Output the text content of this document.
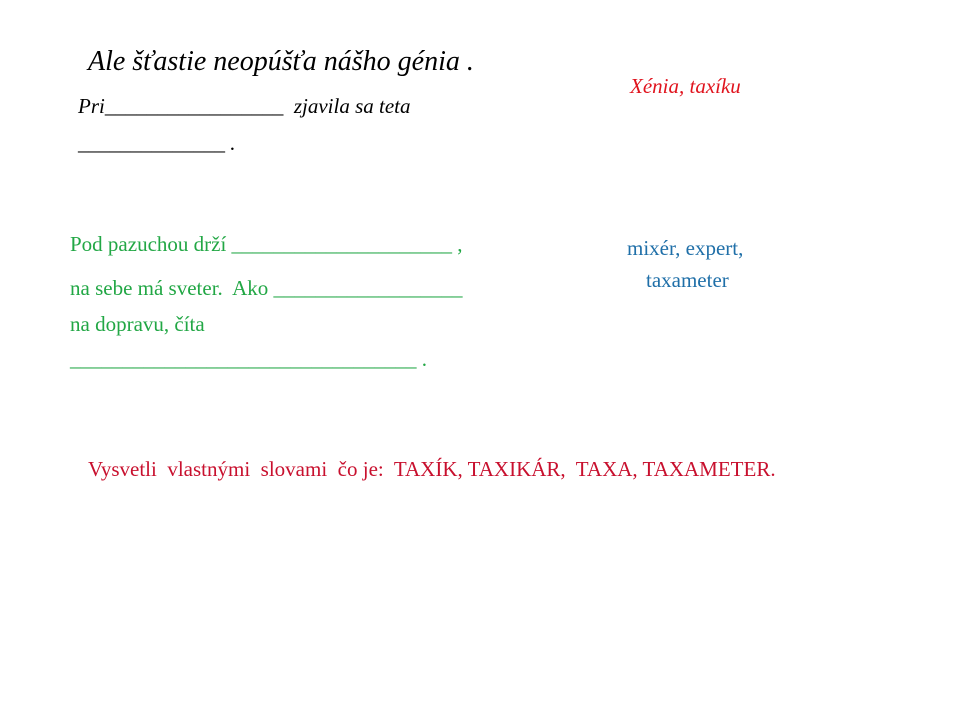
Ale šťastie neopúšťa nášho génia .
Pri_________________  zjavila sa teta
______________ .
Xénia, taxíku
Pod pazuchou drží _____________________ ,
na sebe má sveter.  Ako __________________
na dopravu, číta
_________________________________ .
mixér, expert,
taxameter
Vysvetli  vlastnými  slovami  čo je:  TAXÍK, TAXIKÁR,  TAXA, TAXAMETER.
